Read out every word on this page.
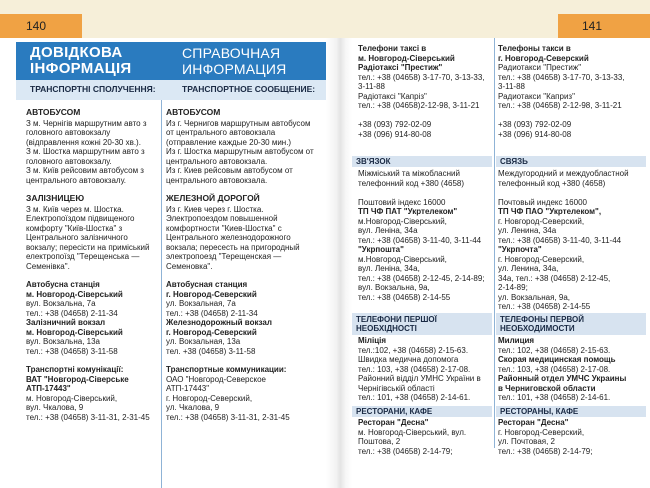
140	141
ДОВІДКОВА
ІНФОРМАЦІЯ
СПРАВОЧНАЯ
ИНФОРМАЦИЯ
ТРАНСПОРТНІ СПОЛУЧЕННЯ:	ТРАНСПОРТНОЕ СООБЩЕНИЕ:

АВТОБУСОМ

З м. Чернігів маршрутним авто з головного автовокзалу (відправлення кожні 20-30 хв.).
З м. Шостка маршрутним авто з головного автовокзалу.
З м. Київ рейсовим автобусом з центрального автовокзалу.

ЗАЛІЗНИЦЕЮ

З м. Київ через м. Шостка. Електропоїздом підвищеного комфорту "Київ-Шостка" з Центрального залізничного вокзалу; пересісти на приміський електропоїзд "Терещенська — Семенівка".

Автобусна станція
м. Новгород-Сіверський

вул. Вокзальна, 7а
тел.: +38 (04658) 2-11-34

Залізничний вокзал
м. Новгород-Сіверський

вул. Вокзальна, 13а
тел.: +38 (04658) 3-11-58

Транспортні комунікації:
ВАТ "Новгород-Сіверське
АТП-17443"

м. Новгород-Сіверський,
вул. Чкалова, 9
тел.: +38 (04658) 3-11-31, 2-31-45

АВТОБУСОМ

Из г. Чернигов маршрутным автобусом от центрального автовокзала (отправление каждые 20-30 мин.)
Из г. Шостка маршрутным автобусом от центрального автовокзала.
Из г. Киев рейсовым автобусом от центрального автовокзала.

ЖЕЛЕЗНОЙ ДОРОГОЙ

Из г. Киев через г. Шостка. Электропоездом повышенной комфортности "Киев-Шостка" с Центрального железнодорожного вокзала; пересесть на пригородный электропоезд "Терещенская — Семеновка".

Автобусная станция
г. Новгород-Северский

ул. Вокзальная, 7а
тел.: +38 (04658) 2-11-34

Железнодорожный вокзал
г. Новгород-Северский

ул. Вокзальная, 13а
тел. +38 (04658) 3-11-58

Транспортные коммуникации:

ОАО "Новгород-Северское
АТП-17443"
г. Новгород-Северский,
ул. Чкалова, 9
тел.: +38 (04658) 3-11-31, 2-31-45

Телефони таксі в
м. Новгород-Сіверський

Радіотаксі "Престиж"

тел.: +38 (04658) 3-17-70, 3-13-33,
3-11-88
Радіотаксі "Капріз"
тел.: +38 (04658)2-12-98, 3-11-21

+38 (093) 792-02-09
+38 (096) 914-80-08

Телефоны такси в
г. Новгород-Северский

Радиотакси "Престиж"

тел.: +38 (04658) 3-17-70, 3-13-33,
3-11-88
Радиотакси "Каприз"
тел.: +38 (04658) 2-12-98, 3-11-21

+38 (093) 792-02-09
+38 (096) 914-80-08

ЗВ'ЯЗОК	СВЯЗЬ

Міжміський та міжобласний телефонний код +380 (4658)

Поштовий індекс 16000

ТП ЧФ ПАТ "Укртелеком"

м.Новгород-Сіверський,
вул. Леніна, 34а
тел.: +38 (04658) 3-11-40, 3-11-44

"Укрпошта"

м.Новгород-Сіверський,
вул. Леніна, 34а,
тел.: +38 (04658) 2-12-45, 2-14-89;
вул. Вокзальна, 9а,
тел.: +38 (04658) 2-14-55

Междугородний и междуобластной телефонный код +380 (4658)

Почтовый индекс 16000

ТП ЧФ ПАО "Укртелеком",

г. Новгород-Северский,
ул. Ленина, 34а
тел.: +38 (04658) 3-11-40, 3-11-44

"Укрпочта"

г. Новгород-Северский,
ул. Ленина, 34а,
34а, тел.: +38 (04658) 2-12-45,
2-14-89;
ул. Вокзальная, 9а,
тел.: +38 (04658) 2-14-55

ТЕЛЕФОНИ ПЕРШОЇ
НЕОБХІДНОСТІ
ТЕЛЕФОНЫ ПЕРВОЙ
НЕОБХОДИМОСТИ

Міліція

тел.:102, +38 (04658) 2-15-63.
Швидка медична допомога
тел.: 103, +38 (04658) 2-17-08.
Районний відділ УМНС України в Чернігівській області
тел.: 101, +38 (04658) 2-14-61.

Милиция

тел.: 102, +38 (04658) 2-15-63.

Скорая медицинская помощь

тел.: 103, +38 (04658) 2-17-08.

Районный отдел УМЧС Украины
в Черниговской области

тел.: 101, +38 (04658) 2-14-61.

РЕСТОРАНИ, КАФЕ	РЕСТОРАНЫ, КАФЕ

Ресторан "Десна"

м. Новгород-Сіверський, вул. Поштова, 2
тел.: +38 (04658) 2-14-79;

Ресторан "Десна"

г. Новгород-Северский,
ул. Почтовая, 2
тел.: +38 (04658) 2-14-79;
